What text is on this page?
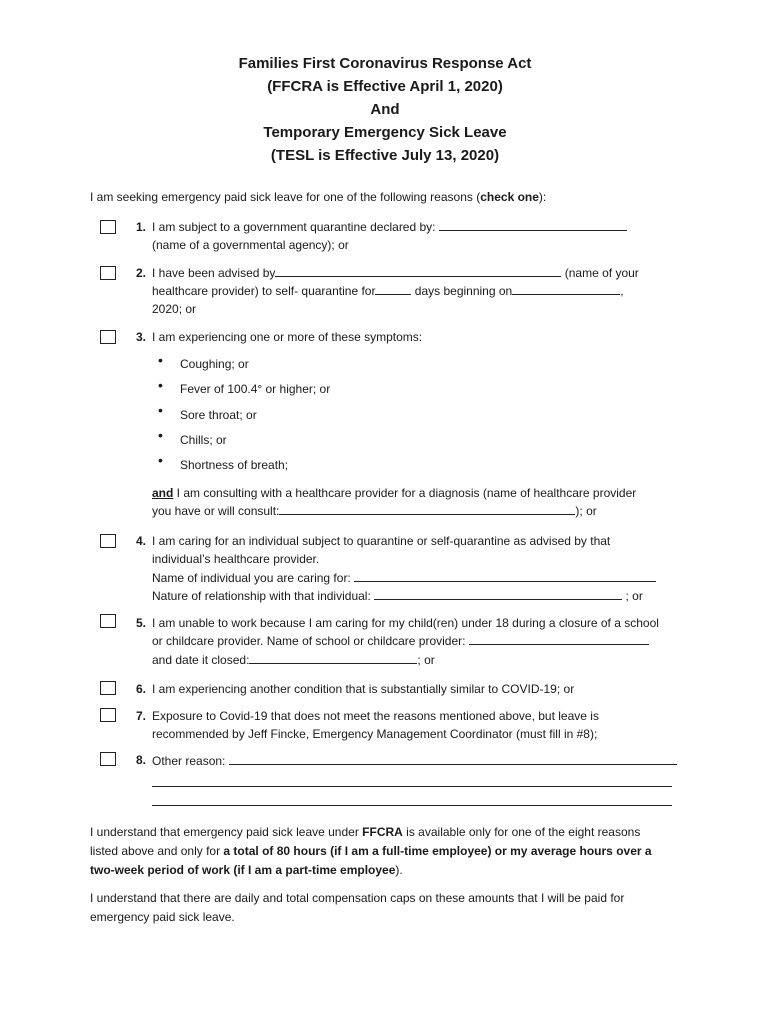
Families First Coronavirus Response Act
(FFCRA is Effective April 1, 2020)
And
Temporary Emergency Sick Leave
(TESL is Effective July 13, 2020)
I am seeking emergency paid sick leave for one of the following reasons (check one):
1. I am subject to a government quarantine declared by:
(name of a governmental agency); or
2. I have been advised by	(name of your
healthcare provider) to self- quarantine for	days beginning on	,
2020; or
3. I am experiencing one or more of these symptoms:
• Coughing; or
• Fever of 100.4° or higher; or
• Sore throat; or
• Chills; or
• Shortness of breath;
and I am consulting with a healthcare provider for a diagnosis (name of healthcare provider
you have or will consult:	); or
4. I am caring for an individual subject to quarantine or self-quarantine as advised by that
individual’s healthcare provider.
Name of individual you are caring for:
Nature of relationship with that individual:	; or
5. I am unable to work because I am caring for my child(ren) under 18 during a closure of a school
or childcare provider. Name of school or childcare provider:
and date it closed:	; or
6. I am experiencing another condition that is substantially similar to COVID-19; or
7. Exposure to Covid-19 that does not meet the reasons mentioned above, but leave is
recommended by Jeff Fincke, Emergency Management Coordinator (must fill in #8);
8. Other reason:
I understand that emergency paid sick leave under FFCRA is available only for one of the eight reasons
listed above and only for a total of 80 hours (if I am a full-time employee) or my average hours over a
two-week period of work (if I am a part-time employee).
I understand that there are daily and total compensation caps on these amounts that I will be paid for
emergency paid sick leave.
